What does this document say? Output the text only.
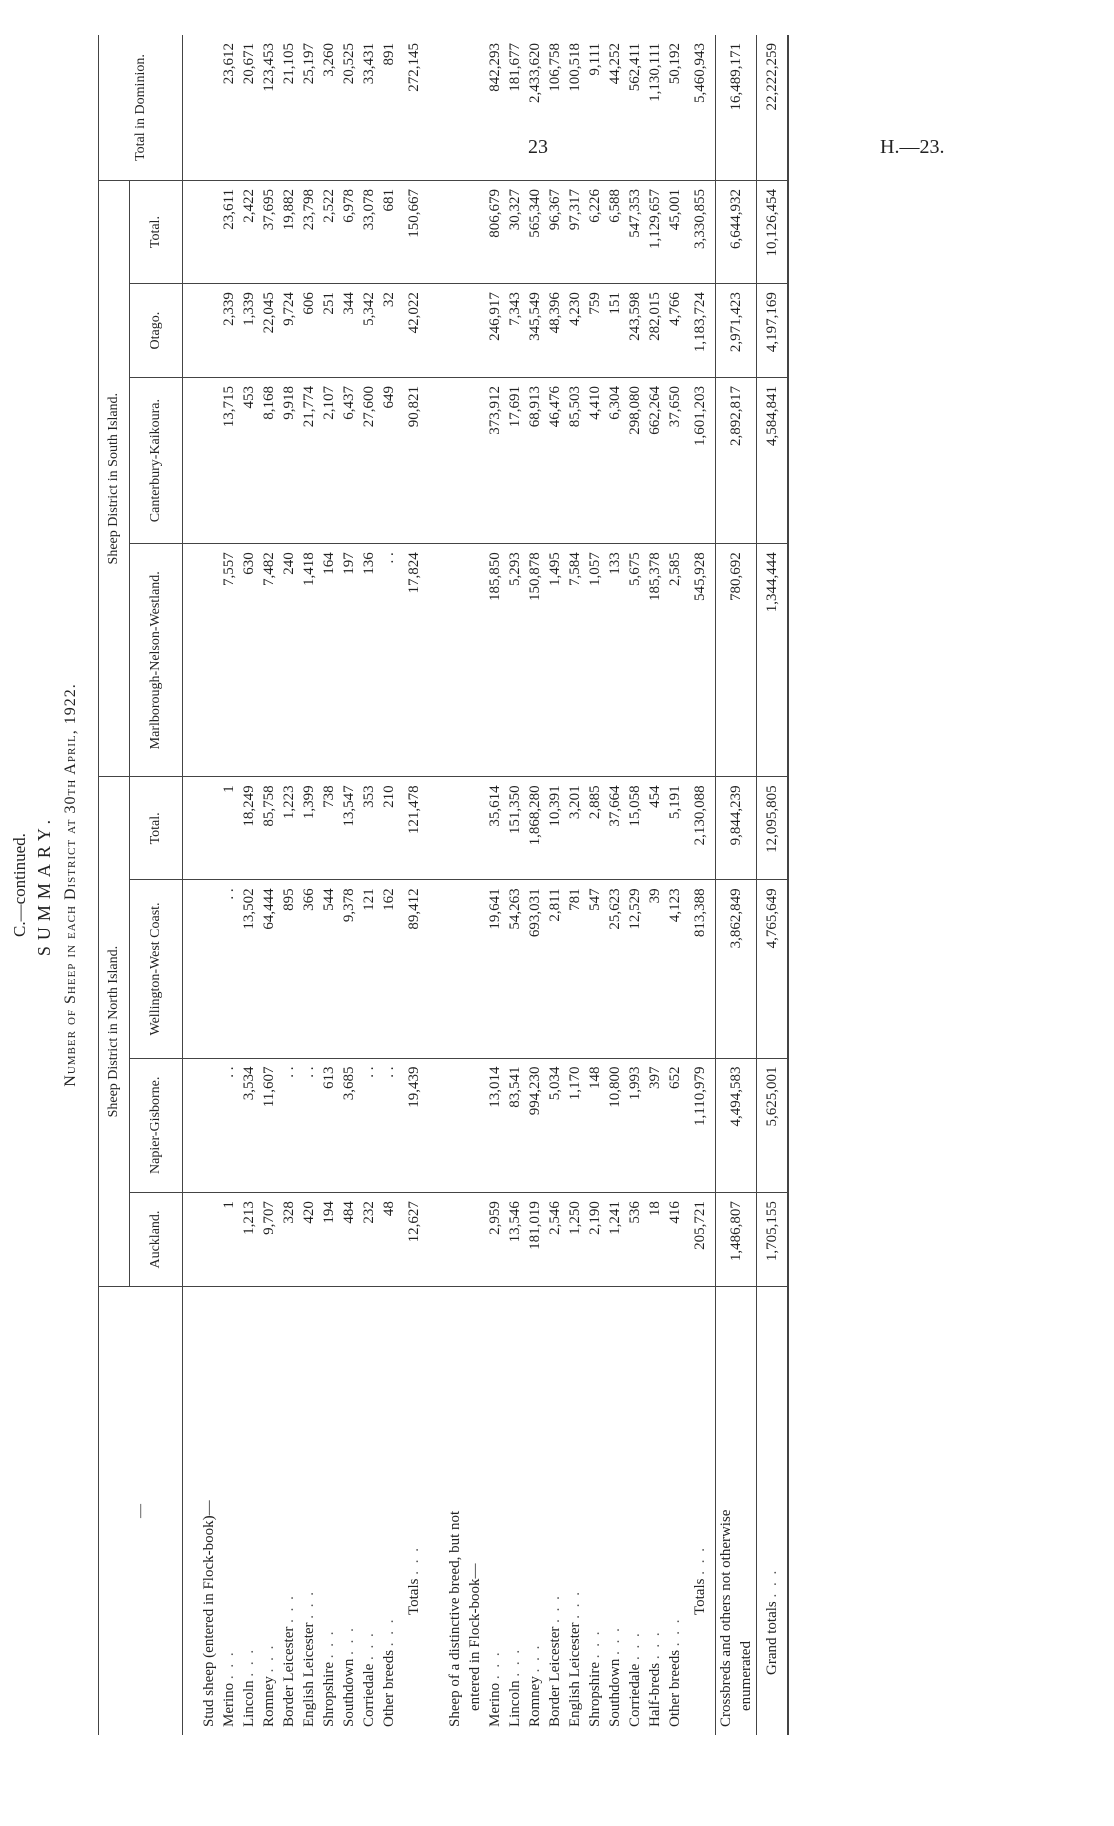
23	H.—23.
C.—continued. SUMMARY. Number of Sheep in each District at 30th April, 1922.
—	Sheep District in North Island.				Sheep District in South Island.				Total in Dominion.
	Auckland.	Napier-Gisborne.	Wellington-West Coast.	Total.	Marlborough-Nelson-Westland.	Canterbury-Kaikoura.	Otago.	Total.	

Stud sheep (entered in Flock-book)—									
Merino . . .	1	. .	. .	1	7,557	13,715	2,339	23,611	23,612
Lincoln . . .	1,213	3,534	13,502	18,249	630	453	1,339	2,422	20,671
Romney . . .	9,707	11,607	64,444	85,758	7,482	8,168	22,045	37,695	123,453
Border Leicester . . .	328	. .	895	1,223	240	9,918	9,724	19,882	21,105
English Leicester . . .	420	. .	366	1,399	1,418	21,774	606	23,798	25,197
Shropshire . . .	194	613	544	738	164	2,107	251	2,522	3,260
Southdown . . .	484	3,685	9,378	13,547	197	6,437	344	6,978	20,525
Corriedale . . .	232	. .	121	353	136	27,600	5,342	33,078	33,431
Other breeds . . .	48	. .	162	210	. .	649	32	681	891
Totals . . .	12,627	19,439	89,412	121,478	17,824	90,821	42,022	150,667	272,145

Sheep of a distinctive breed, but not									
entered in Flock-book—									
Merino . . .	2,959	13,014	19,641	35,614	185,850	373,912	246,917	806,679	842,293
Lincoln . . .	13,546	83,541	54,263	151,350	5,293	17,691	7,343	30,327	181,677
Romney . . .	181,019	994,230	693,031	1,868,280	150,878	68,913	345,549	565,340	2,433,620
Border Leicester . . .	2,546	5,034	2,811	10,391	1,495	46,476	48,396	96,367	106,758
English Leicester . . .	1,250	1,170	781	3,201	7,584	85,503	4,230	97,317	100,518
Shropshire . . .	2,190	148	547	2,885	1,057	4,410	759	6,226	9,111
Southdown . . .	1,241	10,800	25,623	37,664	133	6,304	151	6,588	44,252
Corriedale . . .	536	1,993	12,529	15,058	5,675	298,080	243,598	547,353	562,411
Half-breds . . .	18	397	39	454	185,378	662,264	282,015	1,129,657	1,130,111
Other breeds . . .	416	652	4,123	5,191	2,585	37,650	4,766	45,001	50,192
Totals . . .	205,721	1,110,979	813,388	2,130,088	545,928	1,601,203	1,183,724	3,330,855	5,460,943

Crossbreds and others not otherwise enumerated	1,486,807	4,494,583	3,862,849	9,844,239	780,692	2,892,817	2,971,423	6,644,932	16,489,171
Grand totals . . .	1,705,155	5,625,001	4,765,649	12,095,805	1,344,444	4,584,841	4,197,169	10,126,454	22,222,259
